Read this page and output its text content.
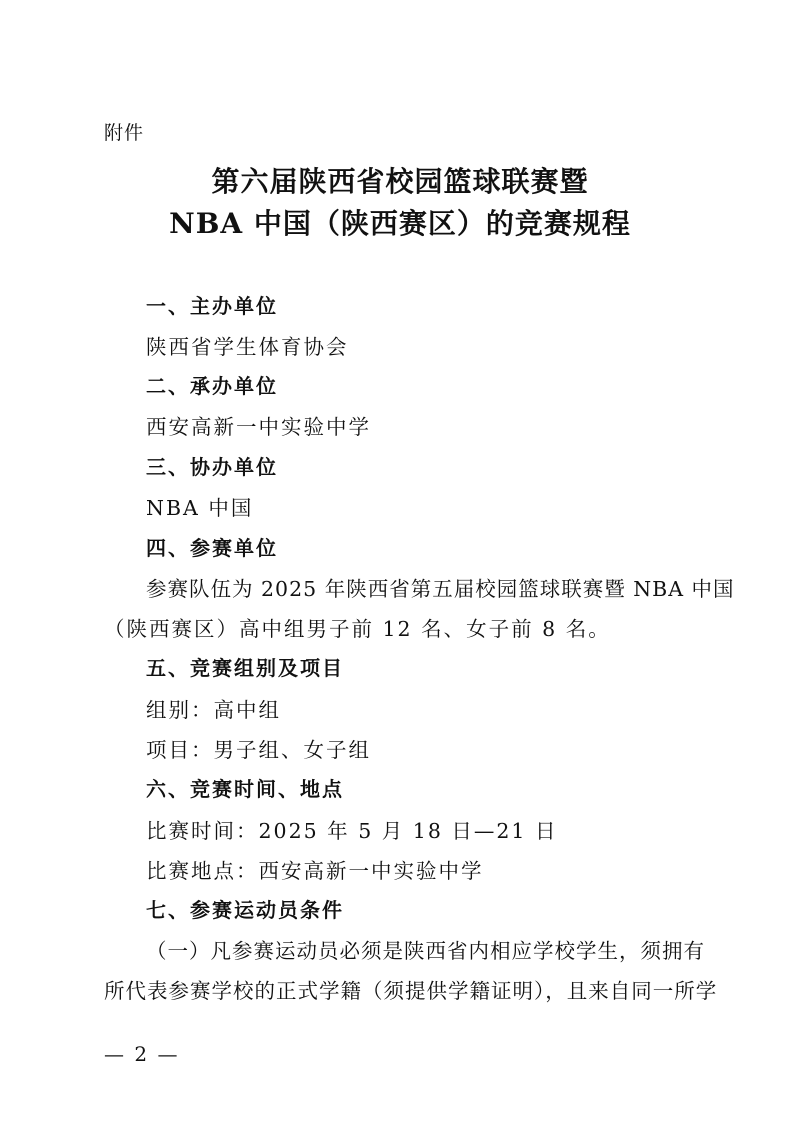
附件
第六届陕西省校园篮球联赛暨
NBA 中国（陕西赛区）的竞赛规程
一、主办单位
陕西省学生体育协会
二、承办单位
西安高新一中实验中学
三、协办单位
NBA 中国
四、参赛单位
参赛队伍为 2025 年陕西省第五届校园篮球联赛暨 NBA 中国
（陕西赛区）高中组男子前 12 名、女子前 8 名。
五、竞赛组别及项目
组别：高中组
项目：男子组、女子组
六、竞赛时间、地点
比赛时间：2025 年 5 月 18 日—21 日
比赛地点：西安高新一中实验中学
七、参赛运动员条件
（一）凡参赛运动员必须是陕西省内相应学校学生，须拥有
所代表参赛学校的正式学籍（须提供学籍证明），且来自同一所学
— 2 —
